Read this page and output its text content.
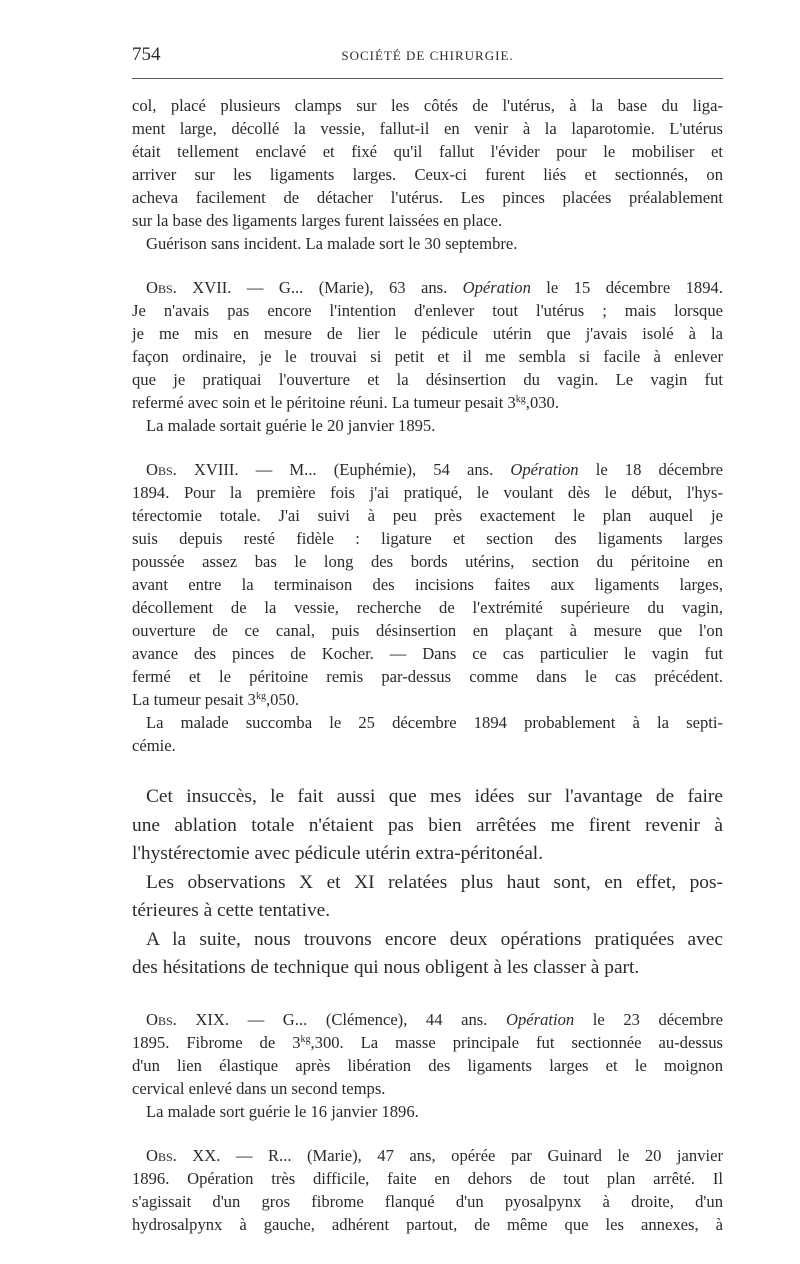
754	SOCIÉTÉ DE CHIRURGIE.

col, placé plusieurs clamps sur les côtés de l'utérus, à la base du liga-
ment large, décollé la vessie, fallut-il en venir à la laparotomie. L'utérus
était tellement enclavé et fixé qu'il fallut l'évider pour le mobiliser et
arriver sur les ligaments larges. Ceux-ci furent liés et sectionnés, on
acheva facilement de détacher l'utérus. Les pinces placées préalablement
sur la base des ligaments larges furent laissées en place.

Guérison sans incident. La malade sort le 30 septembre.

Obs. XVII. — G... (Marie), 63 ans. Opération le 15 décembre 1894.
Je n'avais pas encore l'intention d'enlever tout l'utérus ; mais lorsque
je me mis en mesure de lier le pédicule utérin que j'avais isolé à la
façon ordinaire, je le trouvai si petit et il me sembla si facile à enlever
que je pratiquai l'ouverture et la désinsertion du vagin. Le vagin fut
refermé avec soin et le péritoine réuni. La tumeur pesait $3^{kg},030$.

La malade sortait guérie le 20 janvier 1895.

Obs. XVIII. — M... (Euphémie), 54 ans. Opération le 18 décembre
1894. Pour la première fois j'ai pratiqué, le voulant dès le début, l'hys-
térectomie totale. J'ai suivi à peu près exactement le plan auquel je
suis depuis resté fidèle : ligature et section des ligaments larges
poussée assez bas le long des bords utérins, section du péritoine en
avant entre la terminaison des incisions faites aux ligaments larges,
décollement de la vessie, recherche de l'extrémité supérieure du vagin,
ouverture de ce canal, puis désinsertion en plaçant à mesure que l'on
avance des pinces de Kocher. — Dans ce cas particulier le vagin fut
fermé et le péritoine remis par-dessus comme dans le cas précédent.
La tumeur pesait $3^{kg},050$.

La malade succomba le 25 décembre 1894 probablement à la septi-
cémie.

Cet insuccès, le fait aussi que mes idées sur l'avantage de faire
une ablation totale n'étaient pas bien arrêtées me firent revenir à
l'hystérectomie avec pédicule utérin extra-péritonéal.

Les observations X et XI relatées plus haut sont, en effet, pos-
térieures à cette tentative.

A la suite, nous trouvons encore deux opérations pratiquées avec
des hésitations de technique qui nous obligent à les classer à part.

Obs. XIX. — G... (Clémence), 44 ans. Opération le 23 décembre
1895. Fibrome de $3^{kg},300$. La masse principale fut sectionnée au-dessus
d'un lien élastique après libération des ligaments larges et le moignon
cervical enlevé dans un second temps.

La malade sort guérie le 16 janvier 1896.

Obs. XX. — R... (Marie), 47 ans, opérée par Guinard le 20 janvier
1896. Opération très difficile, faite en dehors de tout plan arrêté. Il
s'agissait d'un gros fibrome flanqué d'un pyosalpynx à droite, d'un
hydrosalpynx à gauche, adhérent partout, de même que les annexes, à
